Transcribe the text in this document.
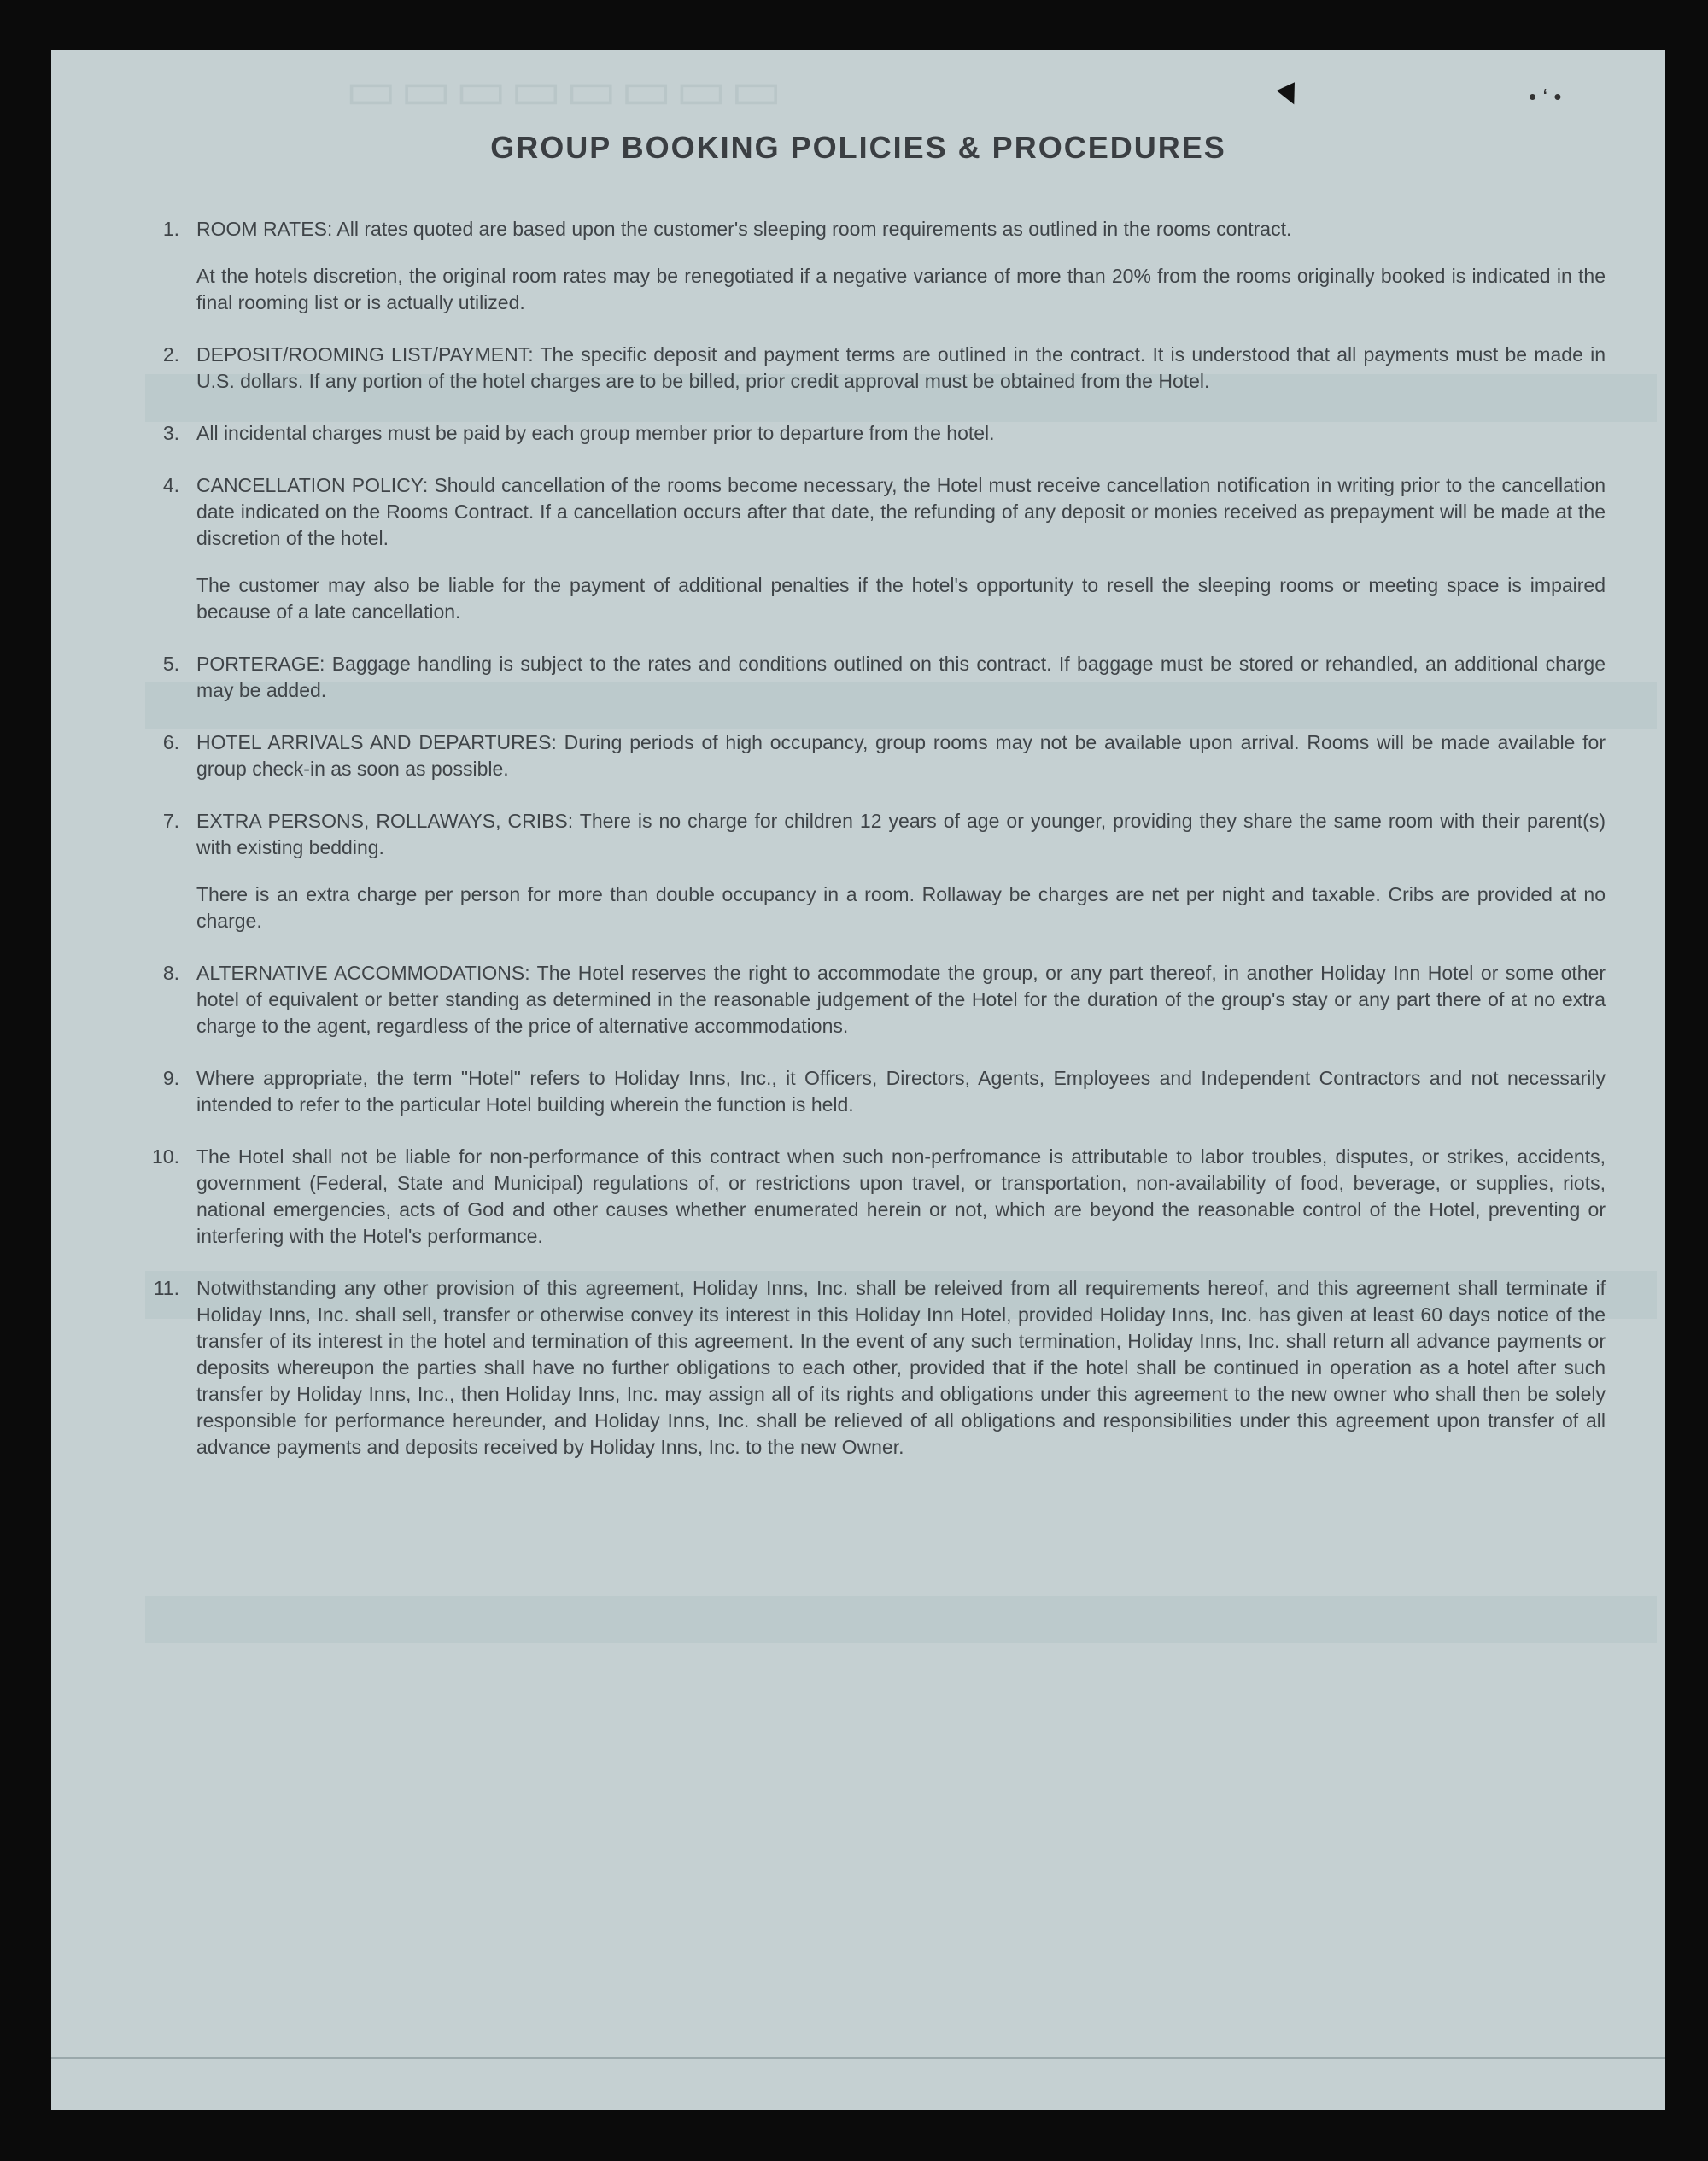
▭▭▭▭▭▭▭▭	▼	• ‘ •
GROUP BOOKING POLICIES & PROCEDURES
1. ROOM RATES: All rates quoted are based upon the customer's sleeping room requirements as outlined in the rooms contract.

At the hotels discretion, the original room rates may be renegotiated if a negative variance of more than 20% from the rooms originally booked is indicated in the final rooming list or is actually utilized.

2. DEPOSIT/ROOMING LIST/PAYMENT: The specific deposit and payment terms are outlined in the contract. It is understood that all payments must be made in U.S. dollars. If any portion of the hotel charges are to be billed, prior credit approval must be obtained from the Hotel.

3. All incidental charges must be paid by each group member prior to departure from the hotel.

4. CANCELLATION POLICY: Should cancellation of the rooms become necessary, the Hotel must receive cancellation notification in writing prior to the cancellation date indicated on the Rooms Contract. If a cancellation occurs after that date, the refunding of any deposit or monies received as prepayment will be made at the discretion of the hotel.

The customer may also be liable for the payment of additional penalties if the hotel's opportunity to resell the sleeping rooms or meeting space is impaired because of a late cancellation.

5. PORTERAGE: Baggage handling is subject to the rates and conditions outlined on this contract. If baggage must be stored or rehandled, an additional charge may be added.

6. HOTEL ARRIVALS AND DEPARTURES: During periods of high occupancy, group rooms may not be available upon arrival. Rooms will be made available for group check-in as soon as possible.

7. EXTRA PERSONS, ROLLAWAYS, CRIBS: There is no charge for children 12 years of age or younger, providing they share the same room with their parent(s) with existing bedding.

There is an extra charge per person for more than double occupancy in a room. Rollaway be charges are net per night and taxable. Cribs are provided at no charge.

8. ALTERNATIVE ACCOMMODATIONS: The Hotel reserves the right to accommodate the group, or any part thereof, in another Holiday Inn Hotel or some other hotel of equivalent or better standing as determined in the reasonable judgement of the Hotel for the duration of the group's stay or any part there of at no extra charge to the agent, regardless of the price of alternative accommodations.

9. Where appropriate, the term "Hotel" refers to Holiday Inns, Inc., it Officers, Directors, Agents, Employees and Independent Contractors and not necessarily intended to refer to the particular Hotel building wherein the function is held.

10. The Hotel shall not be liable for non-performance of this contract when such non-perfromance is attributable to labor troubles, disputes, or strikes, accidents, government (Federal, State and Municipal) regulations of, or restrictions upon travel, or transportation, non-availability of food, beverage, or supplies, riots, national emergencies, acts of God and other causes whether enumerated herein or not, which are beyond the reasonable control of the Hotel, preventing or interfering with the Hotel's performance.

11. Notwithstanding any other provision of this agreement, Holiday Inns, Inc. shall be releived from all requirements hereof, and this agreement shall terminate if Holiday Inns, Inc. shall sell, transfer or otherwise convey its interest in this Holiday Inn Hotel, provided Holiday Inns, Inc. has given at least 60 days notice of the transfer of its interest in the hotel and termination of this agreement. In the event of any such termination, Holiday Inns, Inc. shall return all advance payments or deposits whereupon the parties shall have no further obligations to each other, provided that if the hotel shall be continued in operation as a hotel after such transfer by Holiday Inns, Inc., then Holiday Inns, Inc. may assign all of its rights and obligations under this agreement to the new owner who shall then be solely responsible for performance hereunder, and Holiday Inns, Inc. shall be relieved of all obligations and responsibilities under this agreement upon transfer of all advance payments and deposits received by Holiday Inns, Inc. to the new Owner.
